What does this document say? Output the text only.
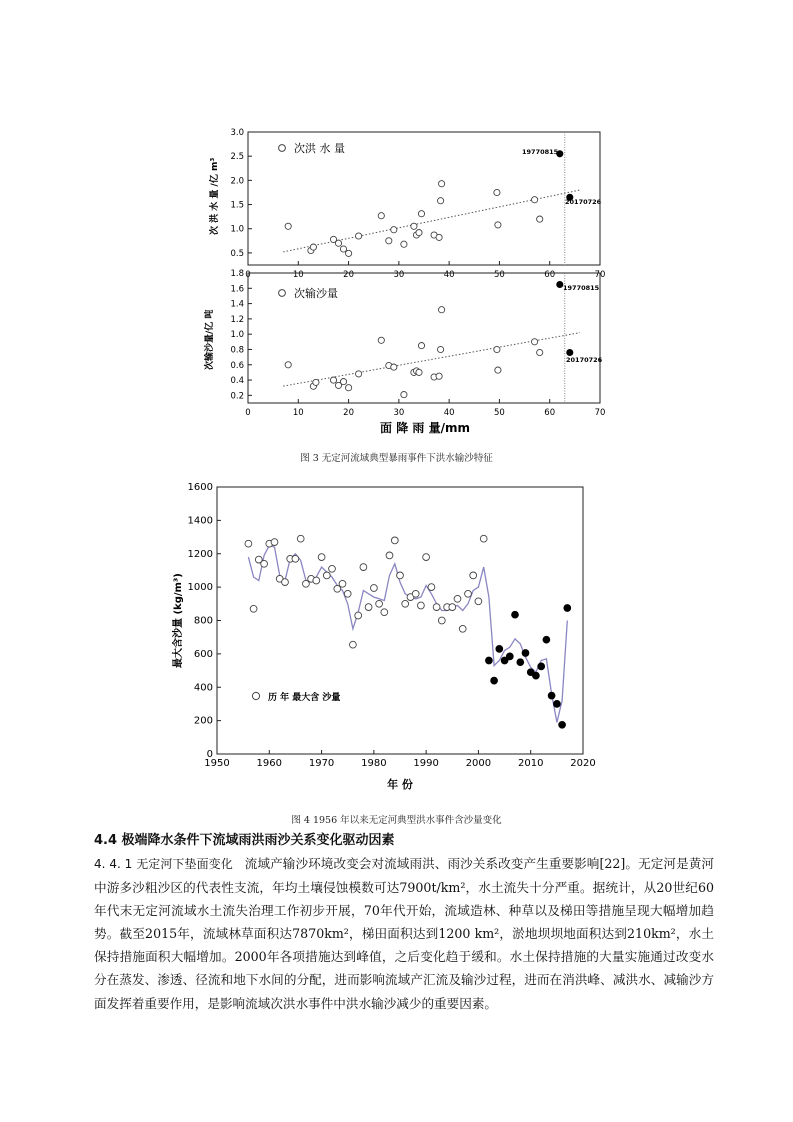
0	10	20	30	40	50	60	70
0.5
1.0
1.5
2.0
2.5
3.0
次洪 水 量
次 洪 水 量 /亿 m³
19770815
20170726
0	10	20	30	40	50	60	70
0.2
0.4
0.6
0.8
1.0
1.2
1.4
1.6
1.8
次输沙量
次输沙量/亿 吨
19770815
20170726
面 降 雨 量/mm
1950	1960	1970	1980	1990	2000	2010	2020
0
200
400
600
800
1000
1200
1400
1600
历 年 最大含 沙量
最大含沙量 (kg/m³)
年 份
图 3 无定河流域典型暴雨事件下洪水输沙特征
图 4 1956 年以来无定河典型洪水事件含沙量变化
4.4 极端降水条件下流域雨洪雨沙关系变化驱动因素
4. 4. 1 无定河下垫面变化 流域产输沙环境改变会对流域雨洪、雨沙关系改变产生重要影响[22]。无定河是黄河中游多沙粗沙区的代表性支流，年均土壤侵蚀模数可达7900t/km²，水土流失十分严重。据统计，从20世纪60年代末无定河流域水土流失治理工作初步开展，70年代开始，流域造林、种草以及梯田等措施呈现大幅增加趋势。截至2015年，流域林草面积达7870km²，梯田面积达到1200 km²，淤地坝坝地面积达到210km²，水土保持措施面积大幅增加。2000年各项措施达到峰值，之后变化趋于缓和。水土保持措施的大量实施通过改变水分在蒸发、渗透、径流和地下水间的分配，进而影响流域产汇流及输沙过程，进而在消洪峰、减洪水、减输沙方面发挥着重要作用，是影响流域次洪水事件中洪水输沙减少的重要因素。
